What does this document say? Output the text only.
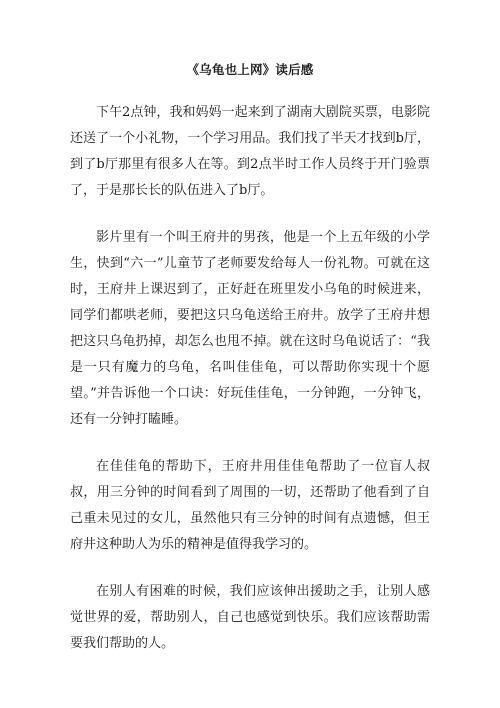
《乌龟也上网》读后感

下午2点钟，我和妈妈一起来到了湖南大剧院买票，电影院还送了一个小礼物，一个学习用品。我们找了半天才找到b厅，到了b厅那里有很多人在等。到2点半时工作人员终于开门验票了，于是那长长的队伍进入了b厅。

影片里有一个叫王府井的男孩，他是一个上五年级的小学生，快到“六一”儿童节了老师要发给每人一份礼物。可就在这时，王府井上课迟到了，正好赶在班里发小乌龟的时候进来，同学们都哄老师，要把这只乌龟送给王府井。放学了王府井想把这只乌龟扔掉，却怎么也甩不掉。就在这时乌龟说话了：“我是一只有魔力的乌龟，名叫佳佳龟，可以帮助你实现十个愿望。”并告诉他一个口诀：好玩佳佳龟，一分钟跑，一分钟飞，还有一分钟打瞌睡。

在佳佳龟的帮助下，王府井用佳佳龟帮助了一位盲人叔叔，用三分钟的时间看到了周围的一切，还帮助了他看到了自己重未见过的女儿，虽然他只有三分钟的时间有点遗憾，但王府井这种助人为乐的精神是值得我学习的。

在别人有困难的时候，我们应该伸出援助之手，让别人感觉世界的爱，帮助别人，自己也感觉到快乐。我们应该帮助需要我们帮助的人。
